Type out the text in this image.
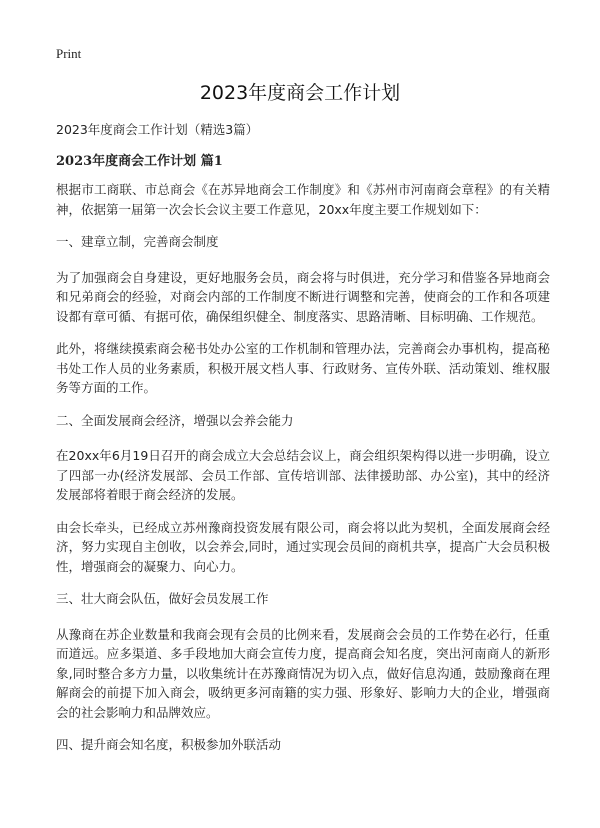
Print
2023年度商会工作计划
2023年度商会工作计划（精选3篇）
2023年度商会工作计划 篇1

根据市工商联、市总商会《在苏异地商会工作制度》和《苏州市河南商会章程》的有关精神，依据第一届第一次会长会议主要工作意见，20xx年度主要工作规划如下：

一、建章立制，完善商会制度

为了加强商会自身建设，更好地服务会员，商会将与时俱进，充分学习和借鉴各异地商会和兄弟商会的经验，对商会内部的工作制度不断进行调整和完善，使商会的工作和各项建设都有章可循、有据可依，确保组织健全、制度落实、思路清晰、目标明确、工作规范。

此外，将继续摸索商会秘书处办公室的工作机制和管理办法，完善商会办事机构，提高秘书处工作人员的业务素质，积极开展文档人事、行政财务、宣传外联、活动策划、维权服务等方面的工作。

二、全面发展商会经济，增强以会养会能力

在20xx年6月19日召开的商会成立大会总结会议上，商会组织架构得以进一步明确，设立了四部一办(经济发展部、会员工作部、宣传培训部、法律援助部、办公室)，其中的经济发展部将着眼于商会经济的发展。

由会长牵头，已经成立苏州豫商投资发展有限公司，商会将以此为契机，全面发展商会经济，努力实现自主创收，以会养会,同时，通过实现会员间的商机共享，提高广大会员积极性，增强商会的凝聚力、向心力。

三、壮大商会队伍，做好会员发展工作

从豫商在苏企业数量和我商会现有会员的比例来看，发展商会会员的工作势在必行，任重而道远。应多渠道、多手段地加大商会宣传力度，提高商会知名度，突出河南商人的新形象,同时整合多方力量，以收集统计在苏豫商情况为切入点，做好信息沟通，鼓励豫商在理解商会的前提下加入商会，吸纳更多河南籍的实力强、形象好、影响力大的企业，增强商会的社会影响力和品牌效应。

四、提升商会知名度，积极参加外联活动
